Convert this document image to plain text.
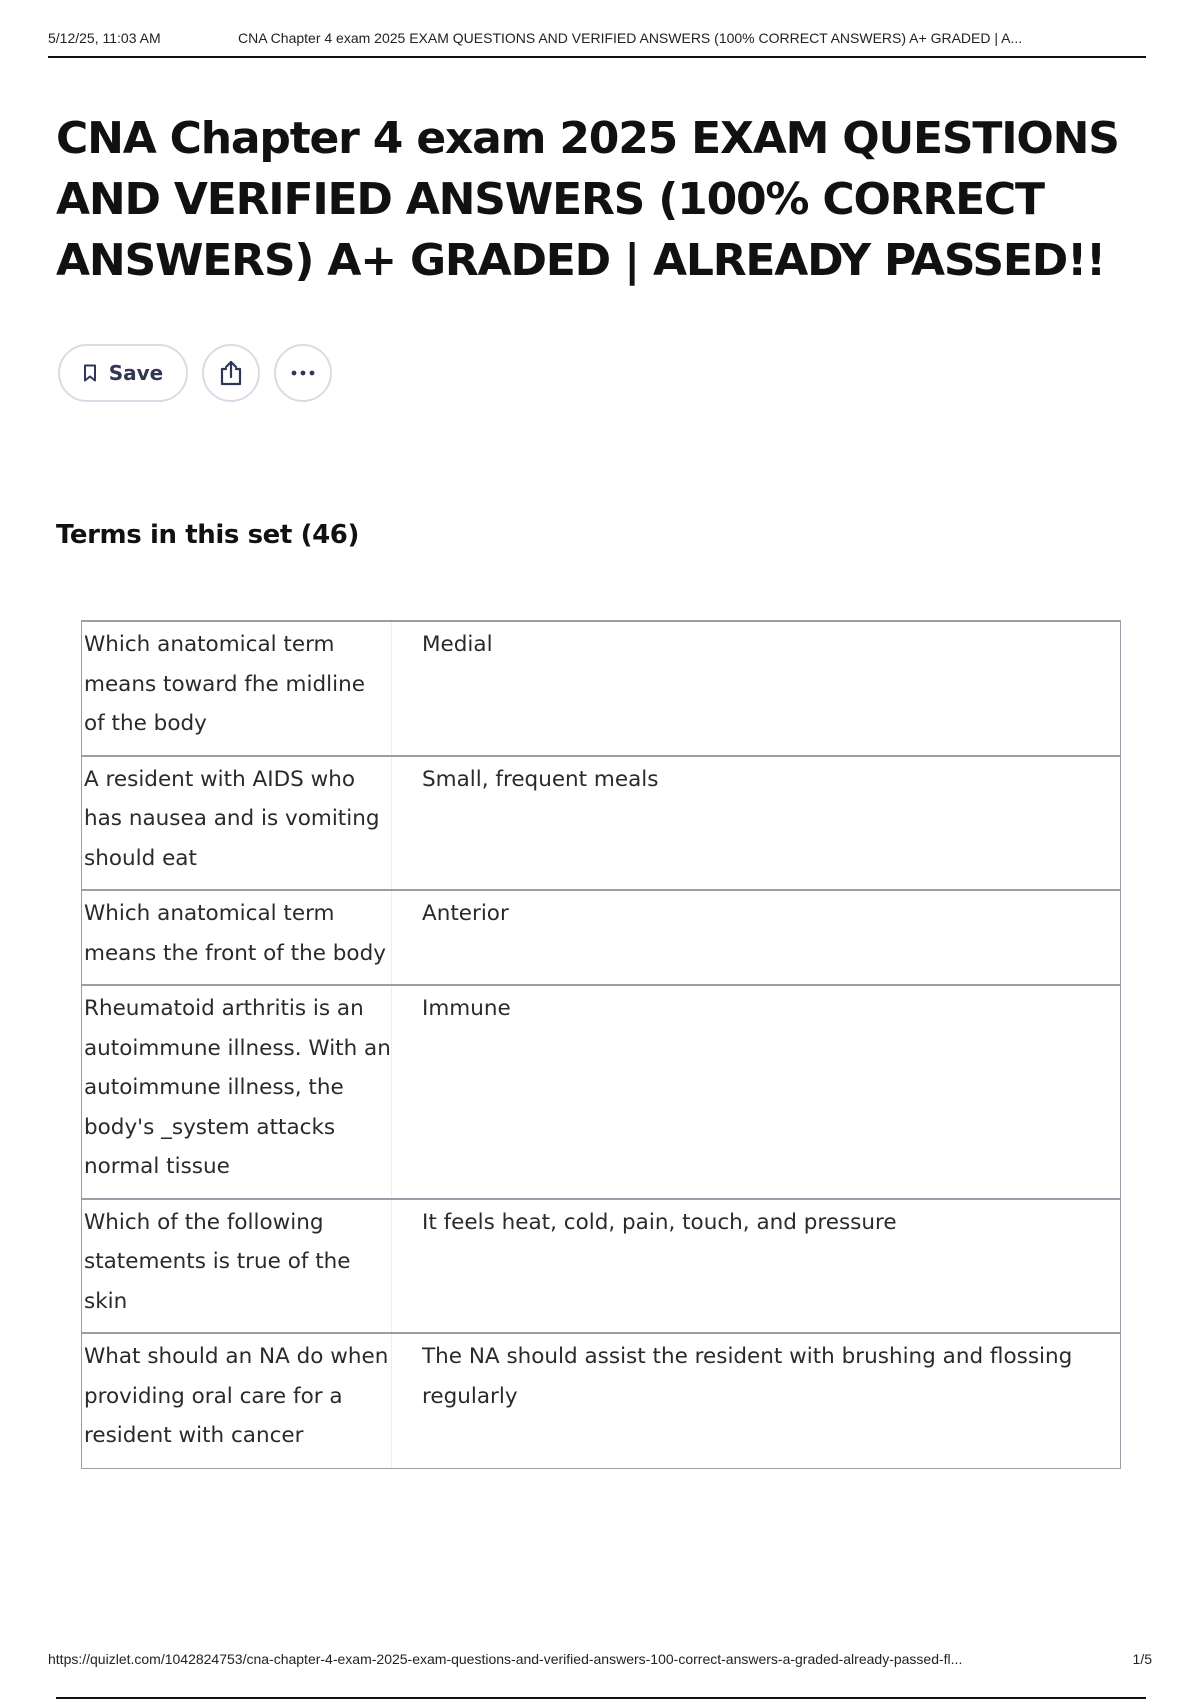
5/12/25, 11:03 AM	CNA Chapter 4 exam 2025 EXAM QUESTIONS AND VERIFIED ANSWERS (100% CORRECT ANSWERS) A+ GRADED | A...
CNA Chapter 4 exam 2025 EXAM QUESTIONS AND VERIFIED ANSWERS (100% CORRECT ANSWERS) A+ GRADED | ALREADY PASSED!!
Save
Terms in this set (46)
Which anatomical term means toward fhe midline of the body
Medial
A resident with AIDS who has nausea and is vomiting should eat
Small, frequent meals
Which anatomical term means the front of the body
Anterior
Rheumatoid arthritis is an autoimmune illness. With an autoimmune illness, the body's _system attacks normal tissue
Immune
Which of the following statements is true of the skin
It feels heat, cold, pain, touch, and pressure
What should an NA do when providing oral care for a resident with cancer
The NA should assist the resident with brushing and flossing regularly
https://quizlet.com/1042824753/cna-chapter-4-exam-2025-exam-questions-and-verified-answers-100-correct-answers-a-graded-already-passed-fl...	1/5
